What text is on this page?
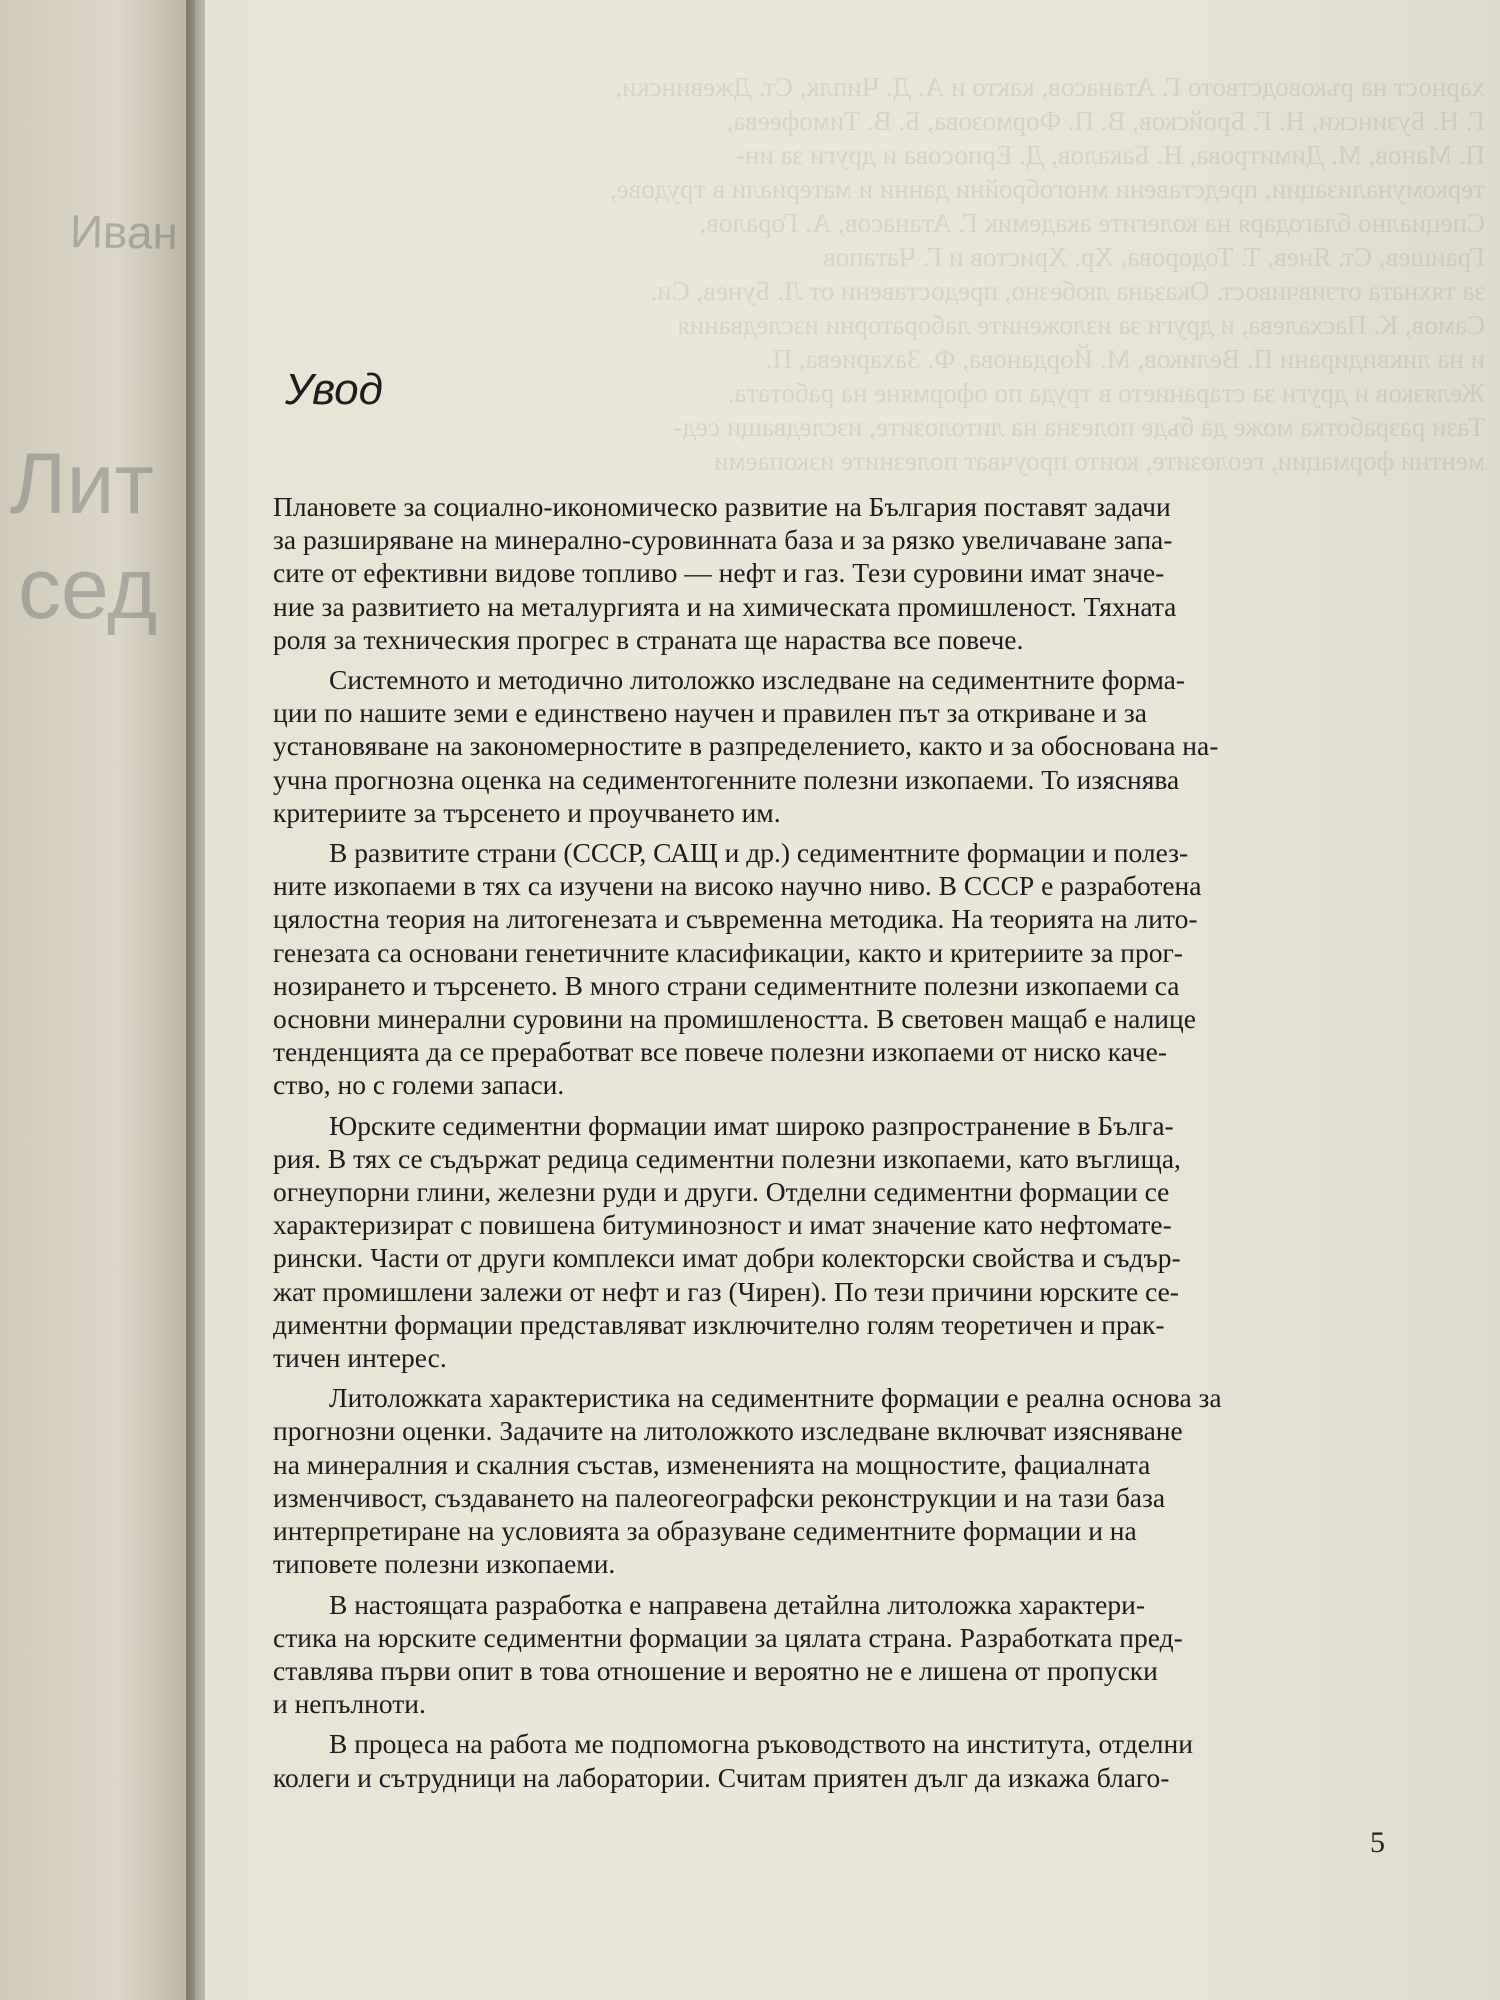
Иван
Лит
сед
харност на ръководството Г. Атанасов, както и А. Д. Чиплк, Ст. Джевински,
Г. Н. Бузински, Н. Г. Бройсков, В. П. Формозова, Б. В. Тимофеева,
П. Манов, М. Димитрова, Н. Бакалов, Д. Ерпосова и други за ин-
теркомунализации, представени многобройни данни и материали в трудове,
Специално благодаря на колегите академик Г. Атанасов, А. Горалов,
Граишев, Ст. Янев, Т. Тодорова, Хр. Христов и Г. Чатапов
за тяхната отзивчивост. Оказана любезно, предоставени от Л. Бунев, Си.
Самов, К. Пасхалева, и други за изложените лабораторни изследвания
и на ликвидирани П. Великов, М. Йорданова, Ф. Захариева, П.
Желязков и други за старанието в труда по оформяне на работата.
Тази разработка може да бъде полезна на литолозите, изследващи сед-
ментни формации, геолозите, които проучват полезните изкопаеми
Увод

Плановете за социално-икономическо развитие на България поставят задачи
за разширяване на минерално-суровинната база и за рязко увеличаване запа-
сите от ефективни видове топливо — нефт и газ. Тези суровини имат значе-
ние за развитието на металургията и на химическата промишленост. Тяхната
роля за техническия прогрес в страната ще нараства все повече.

Системното и методично литоложко изследване на седиментните форма-
ции по нашите земи е единствено научен и правилен път за откриване и за
установяване на закономерностите в разпределението, както и за обоснована на-
учна прогнозна оценка на седиментогенните полезни изкопаеми. То изяснява
критериите за търсенето и проучването им.

В развитите страни (СССР, САЩ и др.) седиментните формации и полез-
ните изкопаеми в тях са изучени на високо научно ниво. В СССР е разработена
цялостна теория на литогенезата и съвременна методика. На теорията на лито-
генезата са основани генетичните класификации, както и критериите за прог-
нозирането и търсенето. В много страни седиментните полезни изкопаеми са
основни минерални суровини на промишлеността. В световен мащаб е налице
тенденцията да се преработват все повече полезни изкопаеми от ниско каче-
ство, но с големи запаси.

Юрските седиментни формации имат широко разпространение в Бълга-
рия. В тях се съдържат редица седиментни полезни изкопаеми, като въглища,
огнеупорни глини, железни руди и други. Отделни седиментни формации се
характеризират с повишена битуминозност и имат значение като нефтомате-
рински. Части от други комплекси имат добри колекторски свойства и съдър-
жат промишлени залежи от нефт и газ (Чирен). По тези причини юрските се-
диментни формации представляват изключително голям теоретичен и прак-
тичен интерес.

Литоложката характеристика на седиментните формации е реална основа за
прогнозни оценки. Задачите на литоложкото изследване включват изясняване
на минералния и скалния състав, измененията на мощностите, фациалната
изменчивост, създаването на палеогеографски реконструкции и на тази база
интерпретиране на условията за образуване седиментните формации и на
типовете полезни изкопаеми.

В настоящата разработка е направена детайлна литоложка характери-
стика на юрските седиментни формации за цялата страна. Разработката пред-
ставлява първи опит в това отношение и вероятно не е лишена от пропуски
и непълноти.

В процеса на работа ме подпомогна ръководството на института, отделни
колеги и сътрудници на лаборатории. Считам приятен дълг да изкажа благо-

5
